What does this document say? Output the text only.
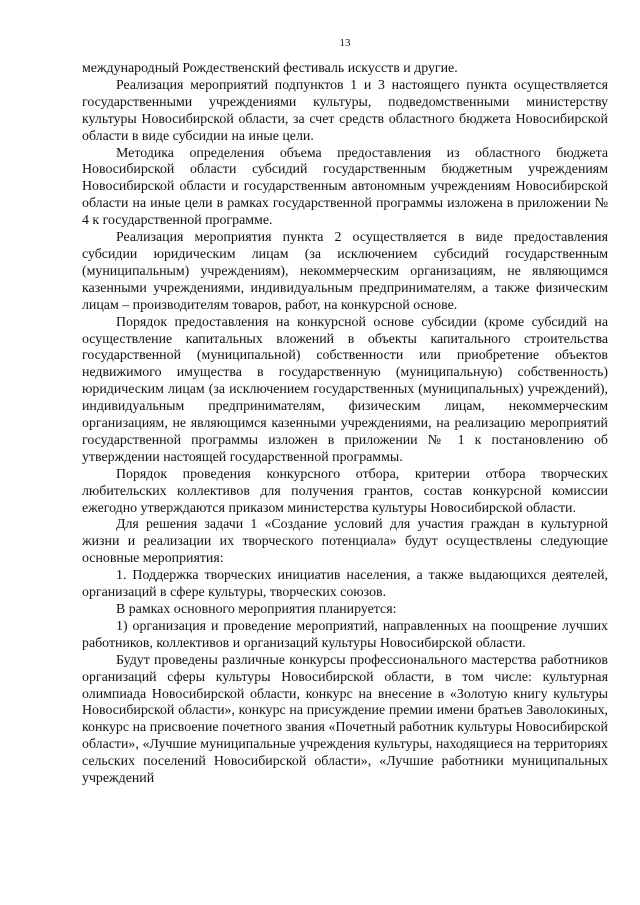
13

международный Рождественский фестиваль искусств и другие.

Реализация мероприятий подпунктов 1 и 3 настоящего пункта осуществляется государственными учреждениями культуры, подведомственными министерству культуры Новосибирской области, за счет средств областного бюджета Новосибирской области в виде субсидии на иные цели.

Методика определения объема предоставления из областного бюджета Новосибирской области субсидий государственным бюджетным учреждениям Новосибирской области и государственным автономным учреждениям Новосибирской области на иные цели в рамках государственной программы изложена в приложении № 4 к государственной программе.

Реализация мероприятия пункта 2 осуществляется в виде предоставления субсидии юридическим лицам (за исключением субсидий государственным (муниципальным) учреждениям), некоммерческим организациям, не являющимся казенными учреждениями, индивидуальным предпринимателям, а также физическим лицам – производителям товаров, работ, на конкурсной основе.

Порядок предоставления на конкурсной основе субсидии (кроме субсидий на осуществление капитальных вложений в объекты капитального строительства государственной (муниципальной) собственности или приобретение объектов недвижимого имущества в государственную (муниципальную) собственность) юридическим лицам (за исключением государственных (муниципальных) учреждений), индивидуальным предпринимателям, физическим лицам, некоммерческим организациям, не являющимся казенными учреждениями, на реализацию мероприятий государственной программы изложен в приложении № 1 к постановлению об утверждении настоящей государственной программы.

Порядок проведения конкурсного отбора, критерии отбора творческих любительских коллективов для получения грантов, состав конкурсной комиссии ежегодно утверждаются приказом министерства культуры Новосибирской области.

Для решения задачи 1 «Создание условий для участия граждан в культурной жизни и реализации их творческого потенциала» будут осуществлены следующие основные мероприятия:

1. Поддержка творческих инициатив населения, а также выдающихся деятелей, организаций в сфере культуры, творческих союзов.

В рамках основного мероприятия планируется:

1) организация и проведение мероприятий, направленных на поощрение лучших работников, коллективов и организаций культуры Новосибирской области.

Будут проведены различные конкурсы профессионального мастерства работников организаций сферы культуры Новосибирской области, в том числе: культурная олимпиада Новосибирской области, конкурс на внесение в «Золотую книгу культуры Новосибирской области», конкурс на присуждение премии имени братьев Заволокиных, конкурс на присвоение почетного звания «Почетный работник культуры Новосибирской области», «Лучшие муниципальные учреждения культуры, находящиеся на территориях сельских поселений Новосибирской области», «Лучшие работники муниципальных учреждений
